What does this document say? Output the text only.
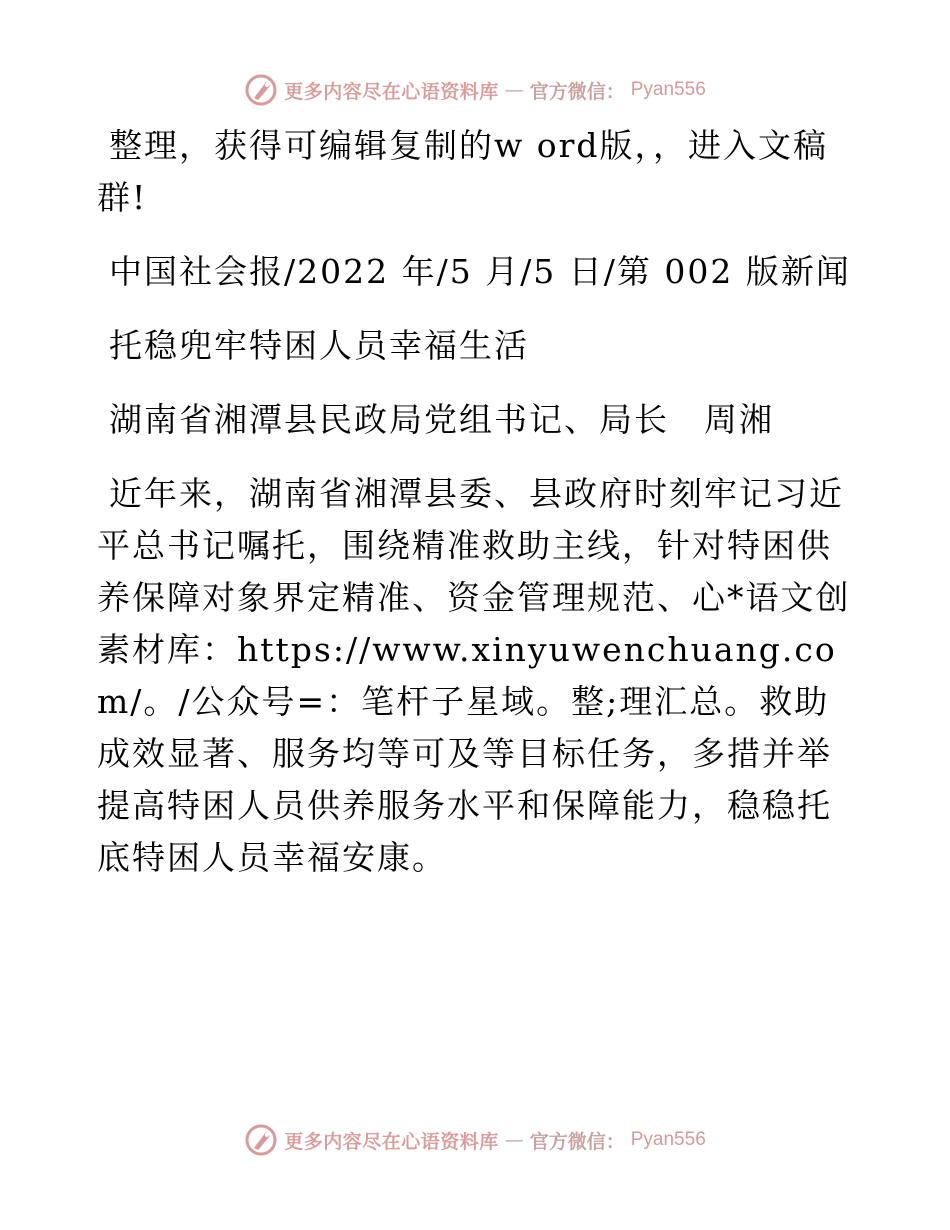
更多内容尽在心语资料库 — 官方微信： Pyan556

整理，获得可编辑复制的w ord版，，进入文稿群!

中国社会报/2022 年/5 月/5 日/第 002 版新闻

托稳兜牢特困人员幸福生活

湖南省湘潭县民政局党组书记、局长　周湘

近年来，湖南省湘潭县委、县政府时刻牢记习近平总书记嘱托，围绕精准救助主线，针对特困供养保障对象界定精准、资金管理规范、心*语文创素材库：https://www.xinyuwenchuang.com/。/公众号=：笔杆子星域。整;理汇总。救助成效显著、服务均等可及等目标任务，多措并举提高特困人员供养服务水平和保障能力，稳稳托底特困人员幸福安康。

更多内容尽在心语资料库 — 官方微信： Pyan556
